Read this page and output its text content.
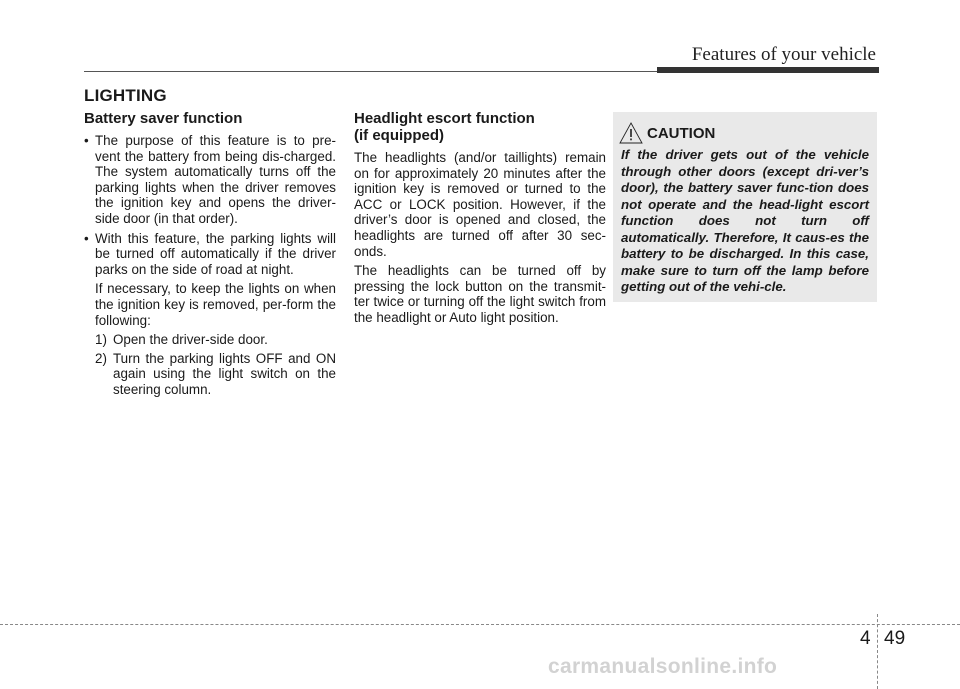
Features of your vehicle
LIGHTING
Battery saver function
• The purpose of this feature is to pre-vent the battery from being dis-charged. The system automatically turns off the parking lights when the driver removes the ignition key and opens the driver-side door (in that order).
• With this feature, the parking lights will be turned off automatically if the driver parks on the side of road at night.

If necessary, to keep the lights on when the ignition key is removed, per-form the following:

1) Open the driver-side door.
2) Turn the parking lights OFF and ON again using the light switch on the steering column.
Headlight escort function
(if equipped)

The headlights (and/or taillights) remain on for approximately 20 minutes after the ignition key is removed or turned to the ACC or LOCK position. However, if the driver’s door is opened and closed, the headlights are turned off after 30 sec-onds.

The headlights can be turned off by pressing the lock button on the transmit-ter twice or turning off the light switch from the headlight or Auto light position.

CAUTION
If the driver gets out of the vehicle through other doors (except dri-ver’s door), the battery saver func-tion does not operate and the head-light escort function does not turn off automatically. Therefore, It caus-es the battery to be discharged. In this case, make sure to turn off the lamp before getting out of the vehi-cle.
4 49
carmanualsonline.info
